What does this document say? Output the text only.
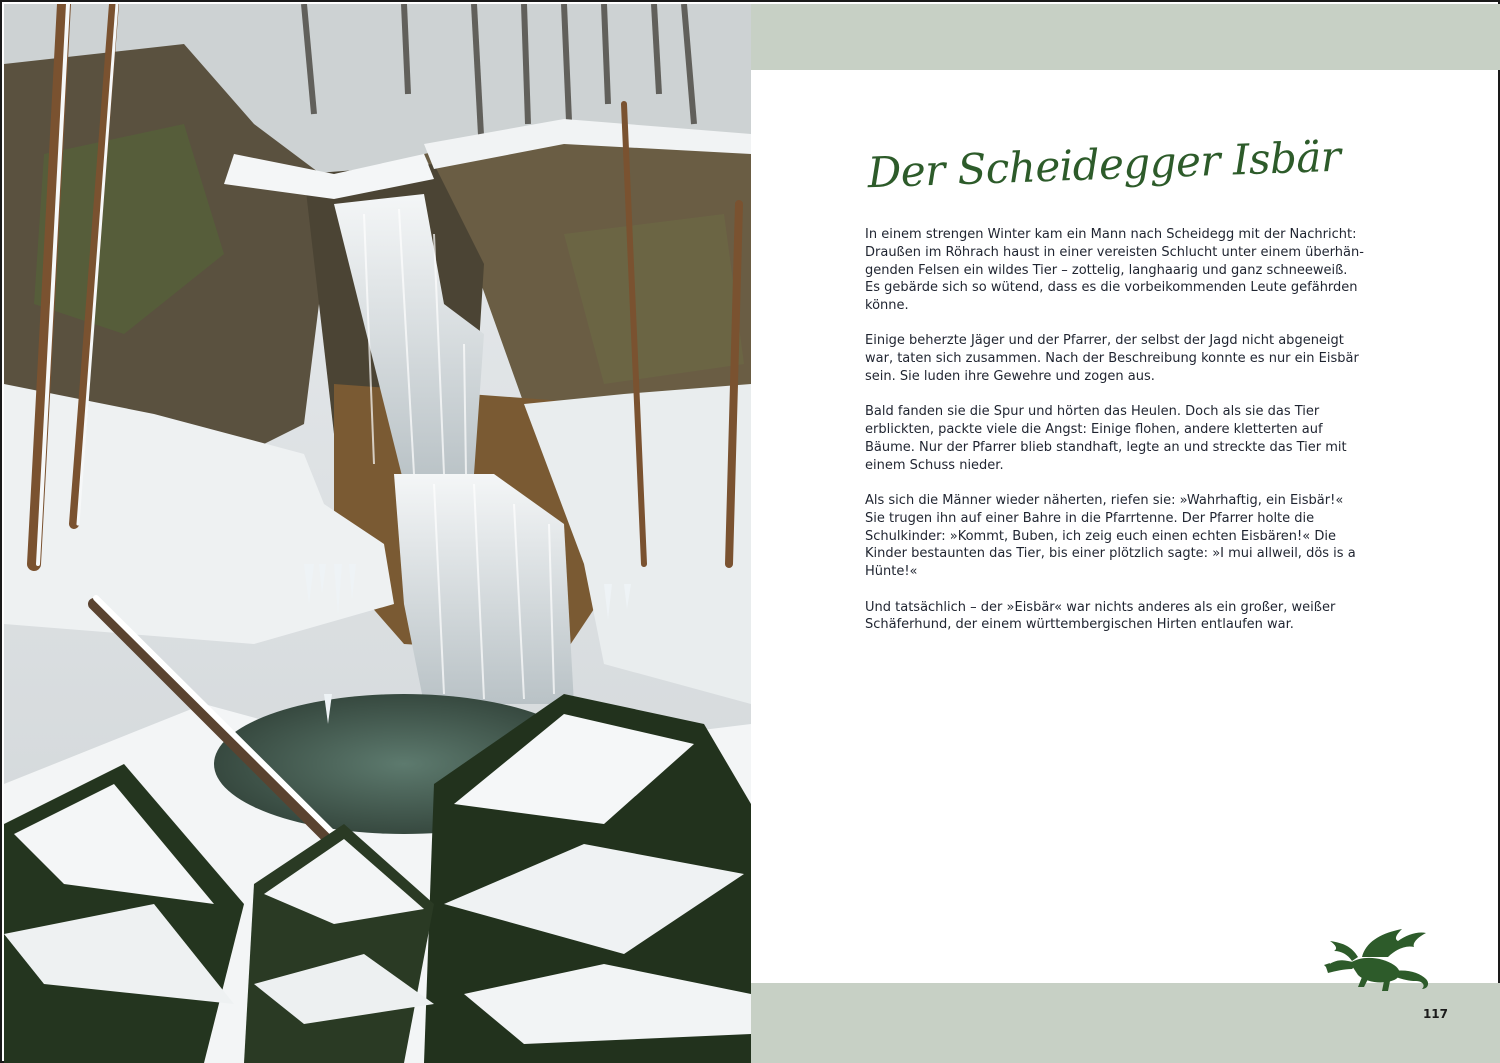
Der Scheidegger Isbär

In einem strengen Winter kam ein Mann nach Scheidegg mit der Nachricht: Draußen im Röhrach haust in einer vereisten Schlucht unter einem überhän-genden Felsen ein wildes Tier – zottelig, langhaarig und ganz schneeweiß. Es gebärde sich so wütend, dass es die vorbeikommenden Leute gefährden könne.

Einige beherzte Jäger und der Pfarrer, der selbst der Jagd nicht abgeneigt war, taten sich zusammen. Nach der Beschreibung konnte es nur ein Eisbär sein. Sie luden ihre Gewehre und zogen aus.

Bald fanden sie die Spur und hörten das Heulen. Doch als sie das Tier erblickten, packte viele die Angst: Einige flohen, andere kletterten auf Bäume. Nur der Pfarrer blieb standhaft, legte an und streckte das Tier mit einem Schuss nieder.

Als sich die Männer wieder näherten, riefen sie: »Wahrhaftig, ein Eisbär!« Sie trugen ihn auf einer Bahre in die Pfarrtenne. Der Pfarrer holte die Schulkinder: »Kommt, Buben, ich zeig euch einen echten Eisbären!« Die Kinder bestaunten das Tier, bis einer plötzlich sagte: »I mui allweil, dös is a Hünte!«

Und tatsächlich – der »Eisbär« war nichts anderes als ein großer, weißer Schäferhund, der einem württembergischen Hirten entlaufen war.

117
